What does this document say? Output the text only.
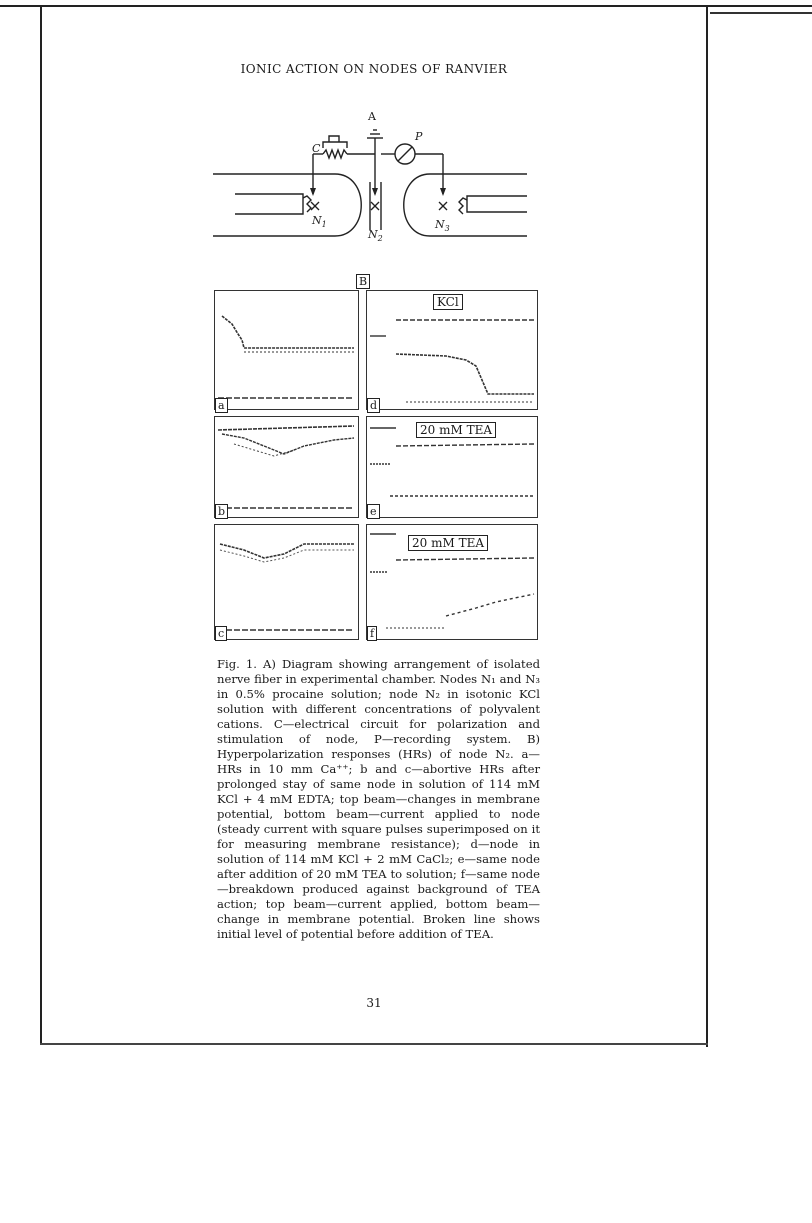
IONIC ACTION ON NODES OF RANVIER
A
C
P
$N_1$
$N_2$
$N_3$
B
a
KCl
d
b
20 mM TEA
e
c
20 mM TEA
f
Fig. 1. A) Diagram showing arrangement of isolated nerve fiber in experimental chamber. Nodes N₁ and N₃ in 0.5% procaine solution; node N₂ in isotonic KCl solution with different concentrations of polyvalent cations. C—electrical circuit for polarization and stimulation of node, P—recording system. B) Hyperpolarization responses (HRs) of node N₂. a—HRs in 10 mm Ca⁺⁺; b and c—abortive HRs after prolonged stay of same node in solution of 114 mM KCl + 4 mM EDTA; top beam—changes in membrane potential, bottom beam—current applied to node (steady current with square pulses superimposed on it for measuring membrane resistance); d—node in solution of 114 mM KCl + 2 mM CaCl₂; e—same node after addition of 20 mM TEA to solution; f—same node—breakdown produced against background of TEA action; top beam—current applied, bottom beam—change in membrane potential. Broken line shows initial level of potential before addition of TEA.
31
